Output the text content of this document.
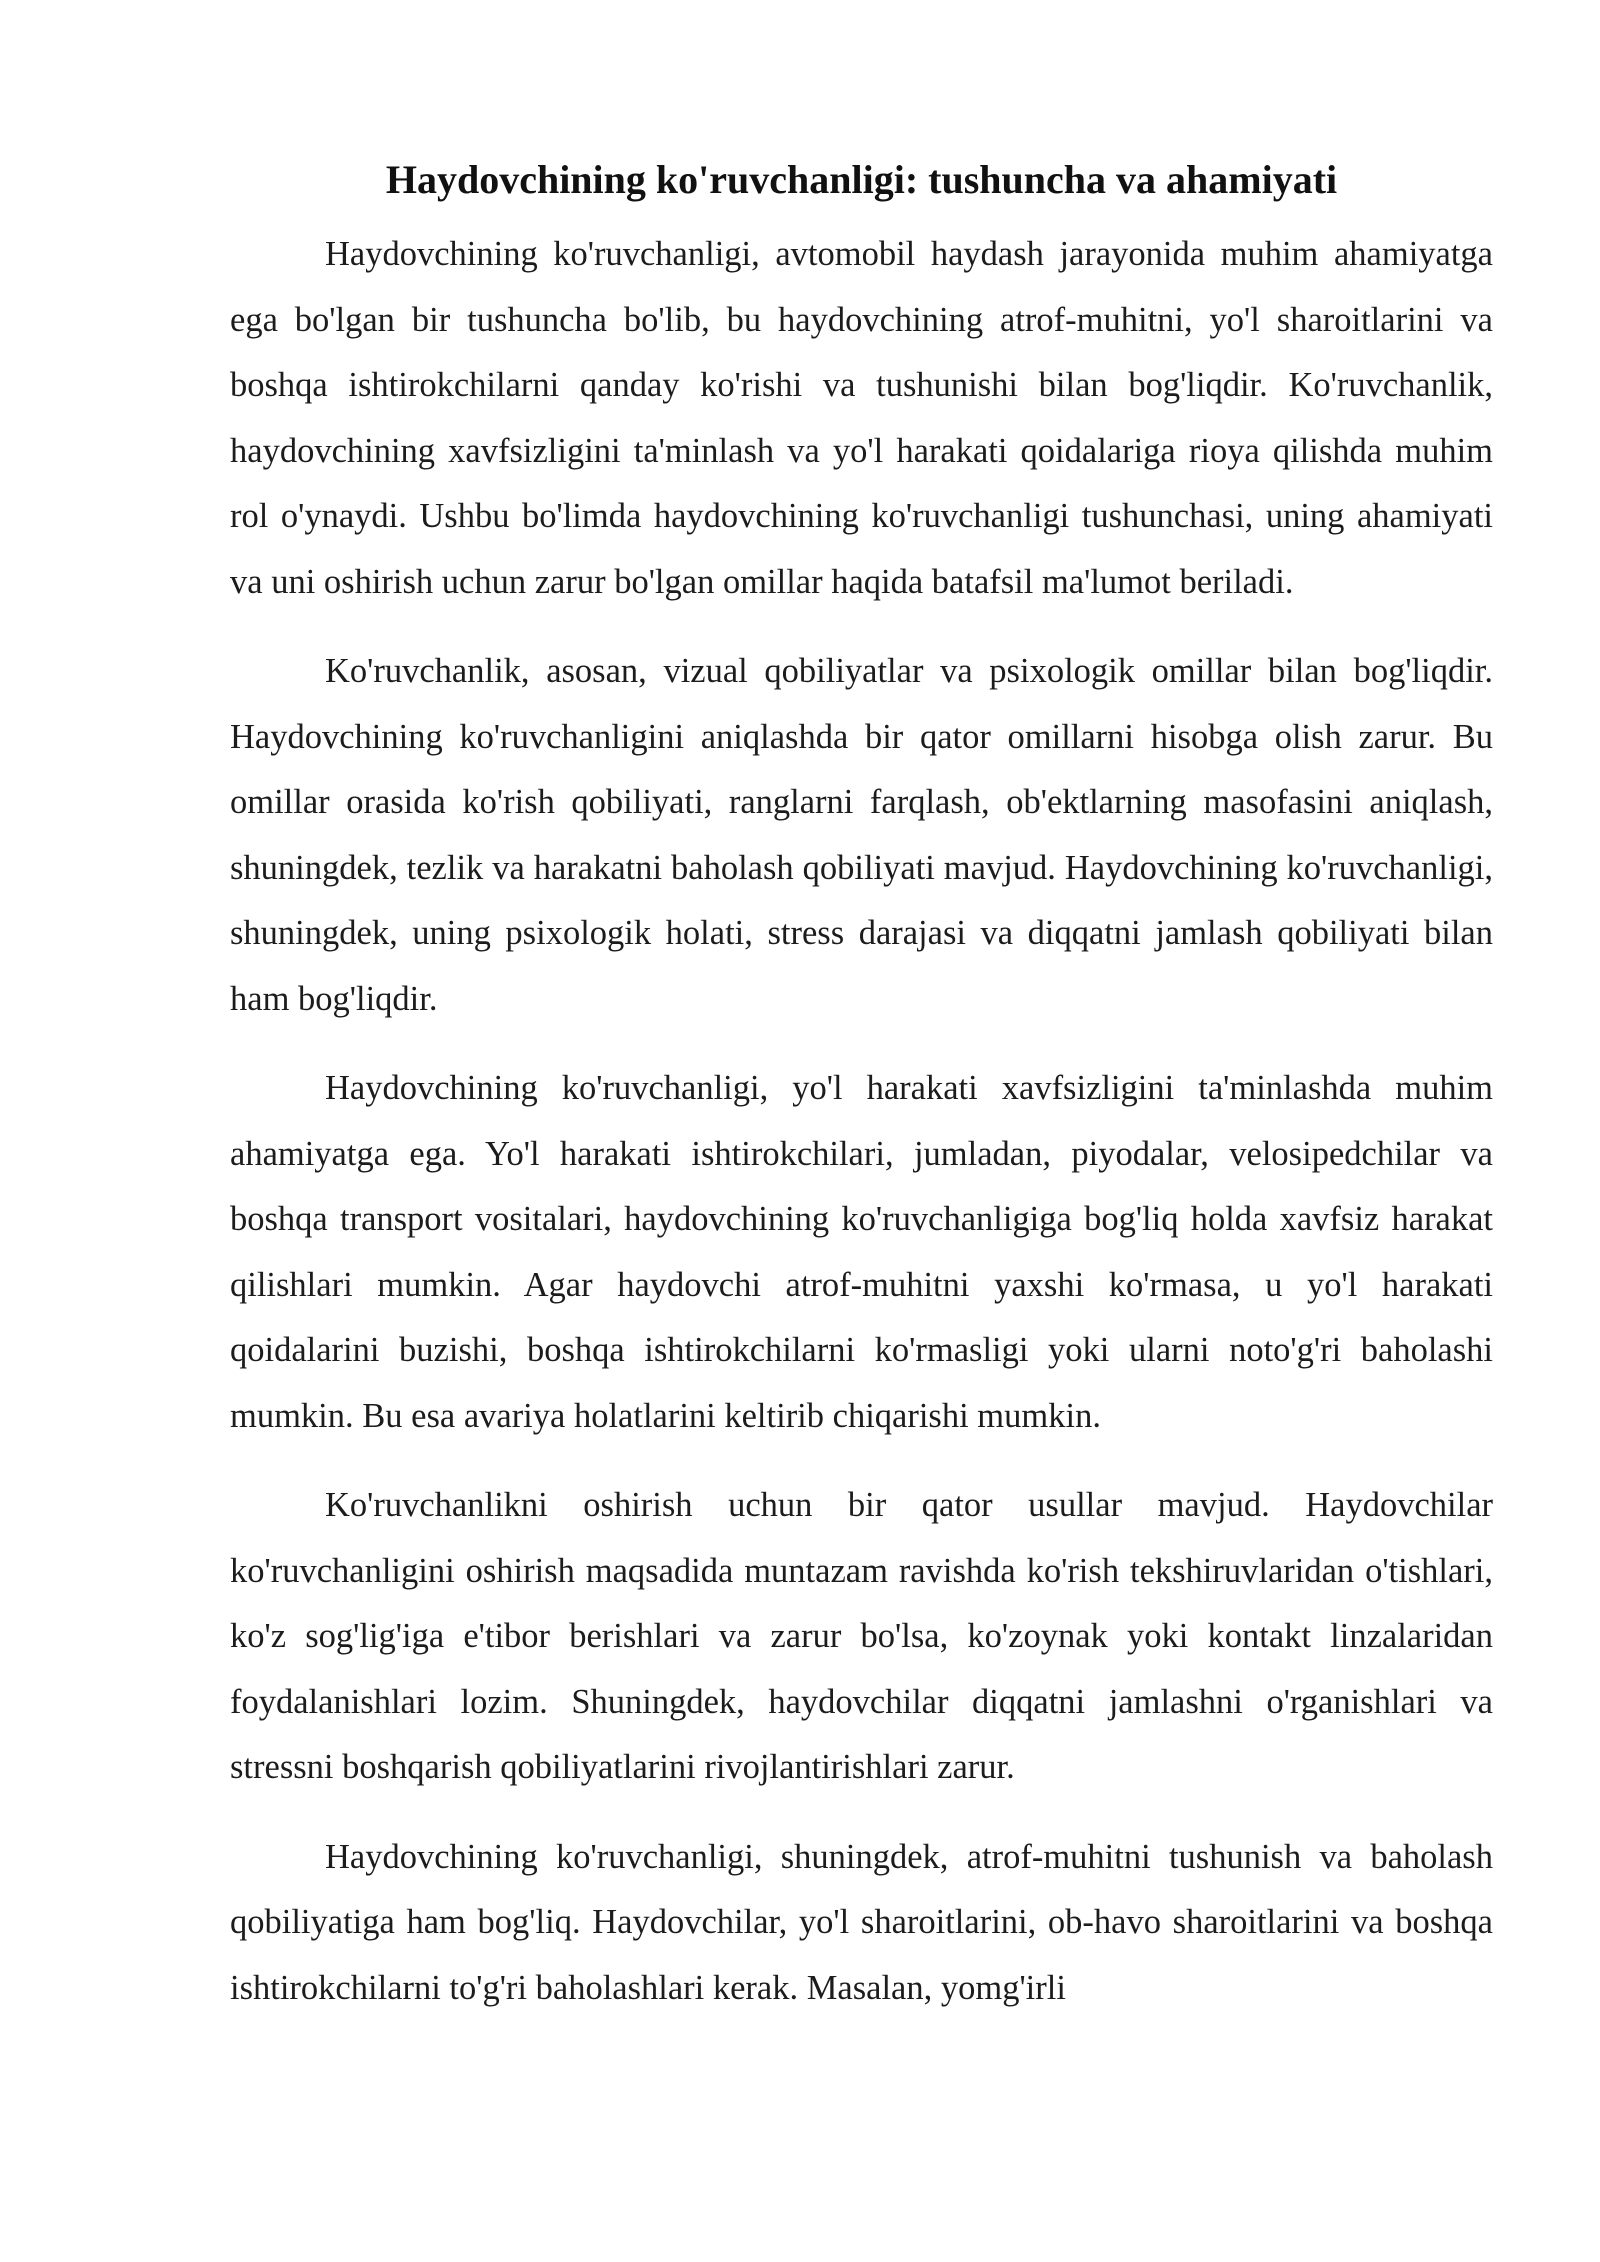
Haydovchining ko'ruvchanligi: tushuncha va ahamiyati

Haydovchining ko'ruvchanligi, avtomobil haydash jarayonida muhim ahamiyatga ega bo'lgan bir tushuncha bo'lib, bu haydovchining atrof-muhitni, yo'l sharoitlarini va boshqa ishtirokchilarni qanday ko'rishi va tushunishi bilan bog'liqdir. Ko'ruvchanlik, haydovchining xavfsizligini ta'minlash va yo'l harakati qoidalariga rioya qilishda muhim rol o'ynaydi. Ushbu bo'limda haydovchining ko'ruvchanligi tushunchasi, uning ahamiyati va uni oshirish uchun zarur bo'lgan omillar haqida batafsil ma'lumot beriladi.

Ko'ruvchanlik, asosan, vizual qobiliyatlar va psixologik omillar bilan bog'liqdir. Haydovchining ko'ruvchanligini aniqlashda bir qator omillarni hisobga olish zarur. Bu omillar orasida ko'rish qobiliyati, ranglarni farqlash, ob'ektlarning masofasini aniqlash, shuningdek, tezlik va harakatni baholash qobiliyati mavjud. Haydovchining ko'ruvchanligi, shuningdek, uning psixologik holati, stress darajasi va diqqatni jamlash qobiliyati bilan ham bog'liqdir.

Haydovchining ko'ruvchanligi, yo'l harakati xavfsizligini ta'minlashda muhim ahamiyatga ega. Yo'l harakati ishtirokchilari, jumladan, piyodalar, velosipedchilar va boshqa transport vositalari, haydovchining ko'ruvchanligiga bog'liq holda xavfsiz harakat qilishlari mumkin. Agar haydovchi atrof-muhitni yaxshi ko'rmasa, u yo'l harakati qoidalarini buzishi, boshqa ishtirokchilarni ko'rmasligi yoki ularni noto'g'ri baholashi mumkin. Bu esa avariya holatlarini keltirib chiqarishi mumkin.

Ko'ruvchanlikni oshirish uchun bir qator usullar mavjud. Haydovchilar ko'ruvchanligini oshirish maqsadida muntazam ravishda ko'rish tekshiruvlaridan o'tishlari, ko'z sog'lig'iga e'tibor berishlari va zarur bo'lsa, ko'zoynak yoki kontakt linzalaridan foydalanishlari lozim. Shuningdek, haydovchilar diqqatni jamlashni o'rganishlari va stressni boshqarish qobiliyatlarini rivojlantirishlari zarur.

Haydovchining ko'ruvchanligi, shuningdek, atrof-muhitni tushunish va baholash qobiliyatiga ham bog'liq. Haydovchilar, yo'l sharoitlarini, ob-havo sharoitlarini va boshqa ishtirokchilarni to'g'ri baholashlari kerak. Masalan, yomg'irli
